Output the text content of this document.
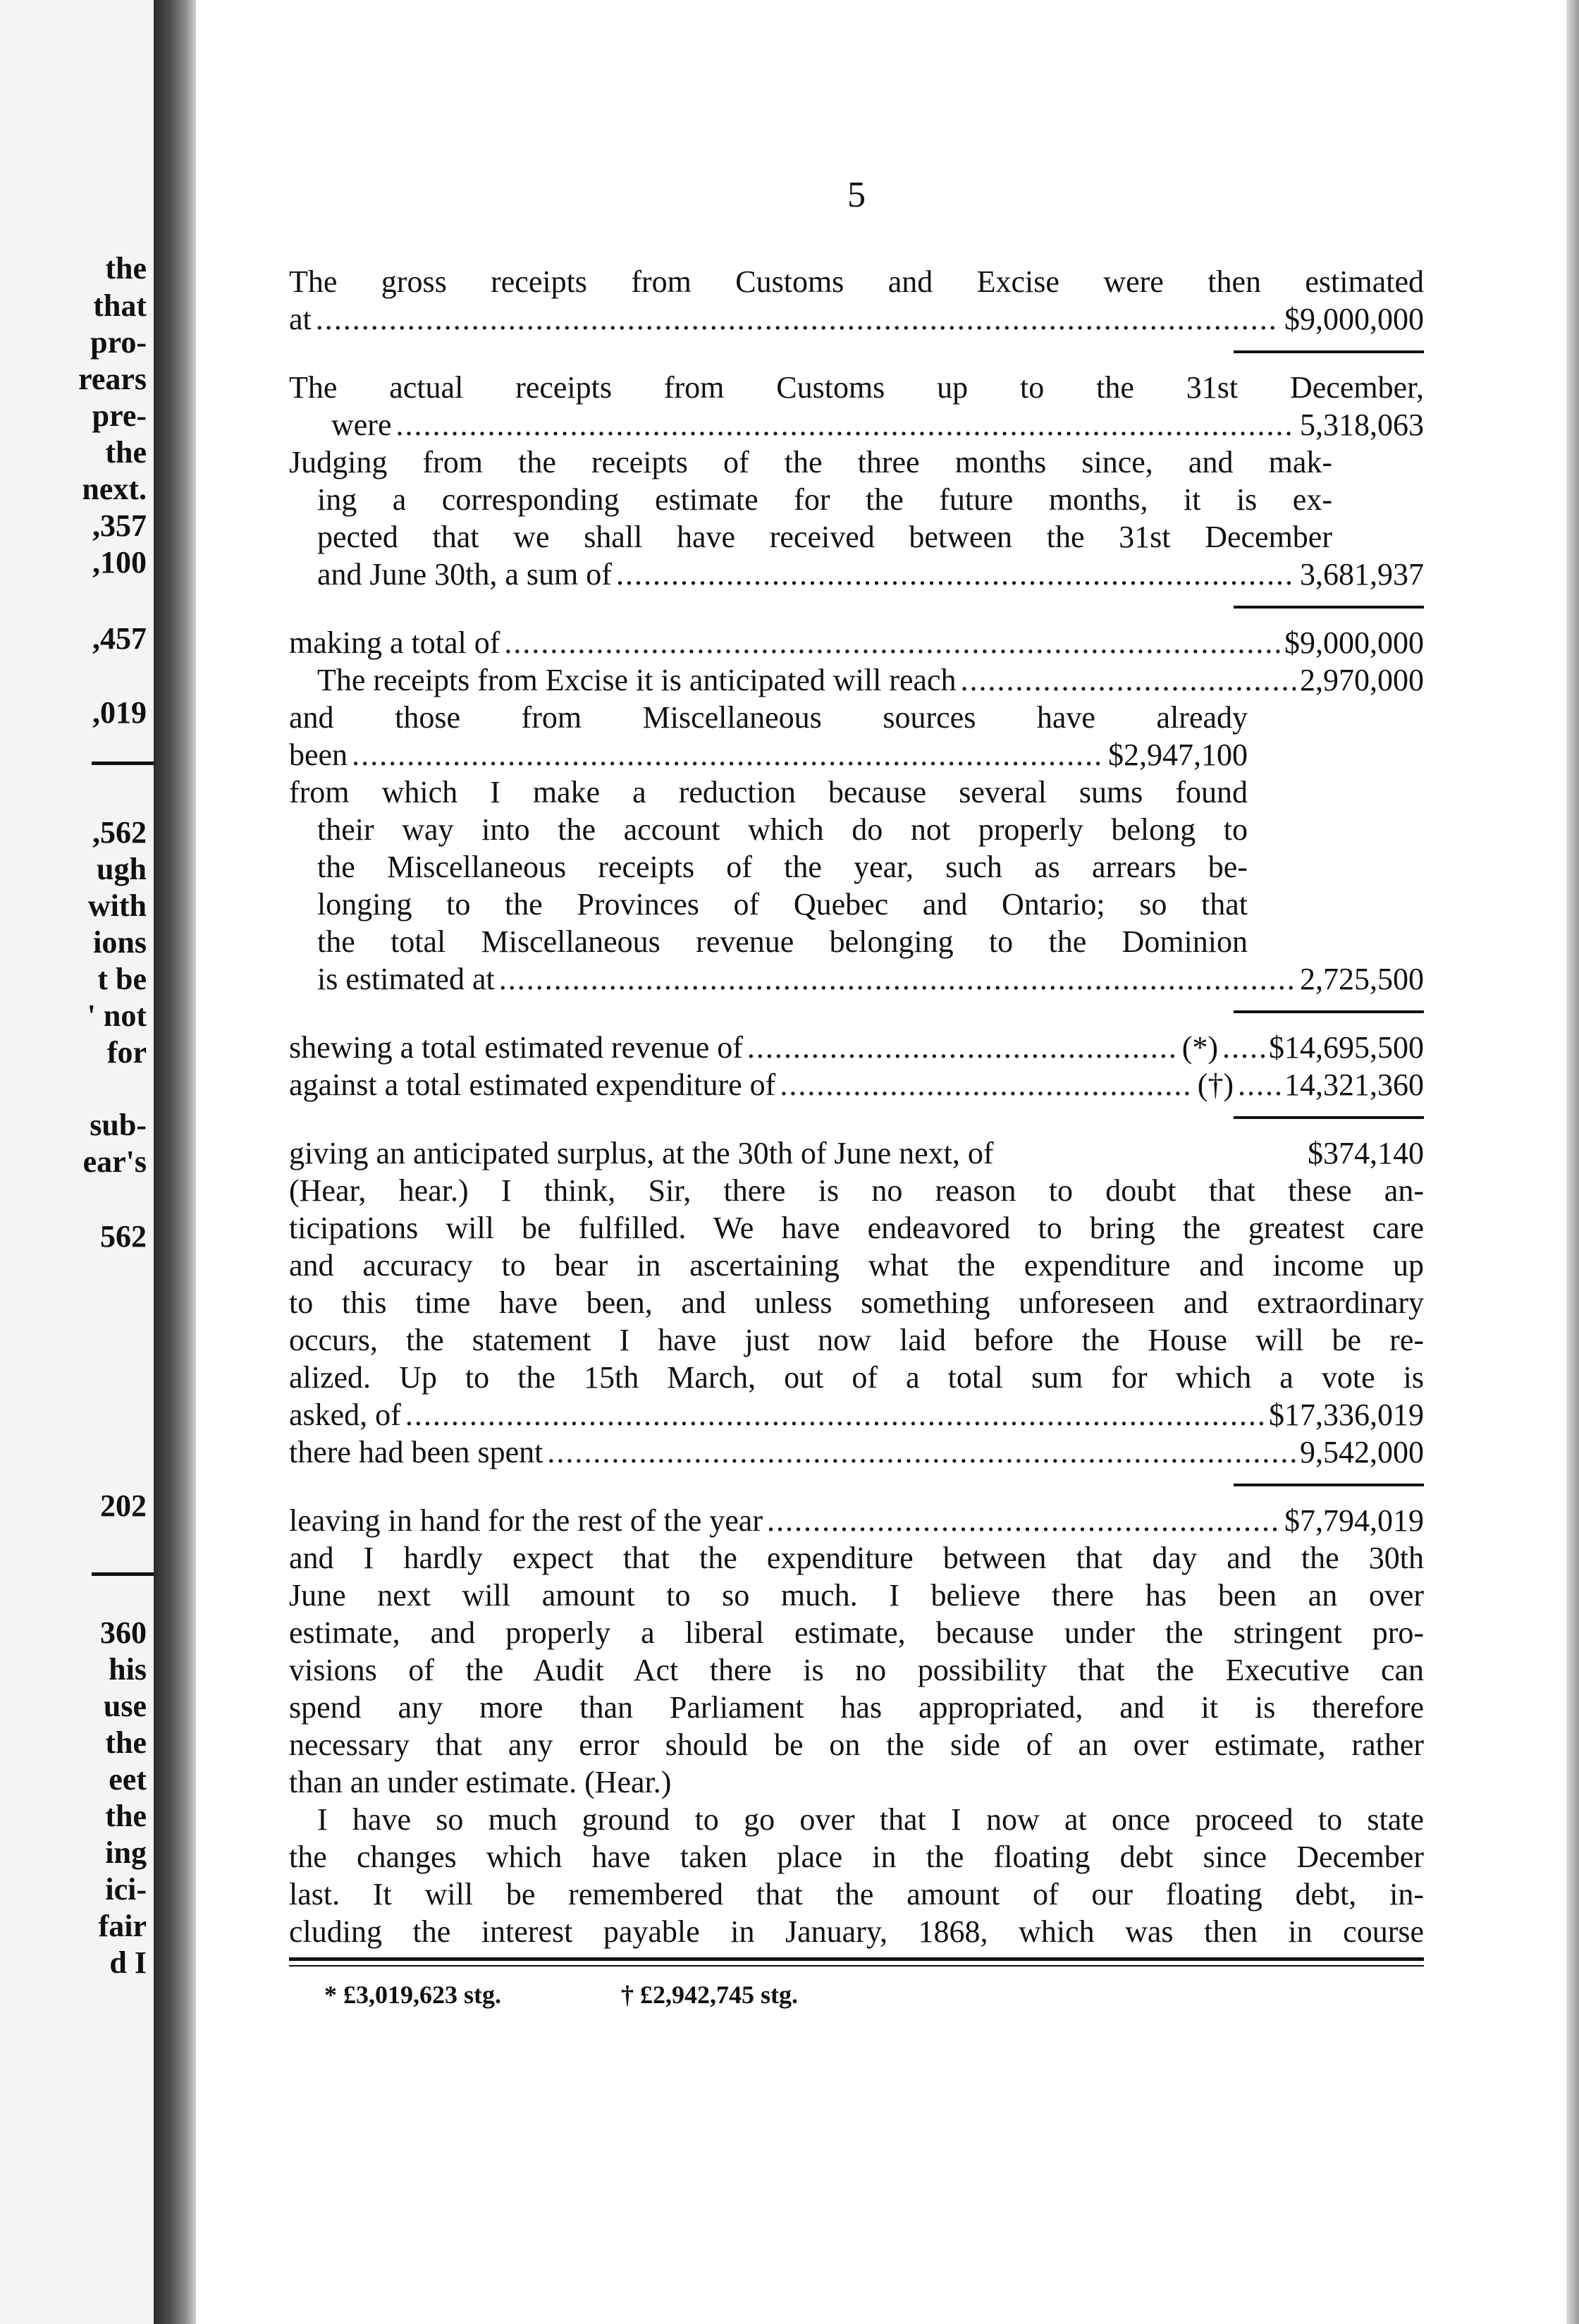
the
that
pro-
rears
pre-
the
next.
,357
,100
,457
,019
,562
ugh
with
ions
t be
' not
for
sub-
ear's
562
202
360
his
use
the
eet
the
ing
ici-
fair
d I
5
The gross receipts from Customs and Excise were then estimated
at .....	$9,000,000
The actual receipts from Customs up to the 31st December,
were .....	5,318,063
Judging from the receipts of the three months since, and mak-
ing a corresponding estimate for the future months, it is ex-
pected that we shall have received between the 31st December
and June 30th, a sum of .....	3,681,937
making a total of .....	$9,000,000
The receipts from Excise it is anticipated will reach .....	2,970,000
and those from Miscellaneous sources have already
been .....	$2,947,100
from which I make a reduction because several sums found
their way into the account which do not properly belong to
the Miscellaneous receipts of the year, such as arrears be-
longing to the Provinces of Quebec and Ontario; so that
the total Miscellaneous revenue belonging to the Dominion
is estimated at .....	2,725,500
shewing a total estimated revenue of .....	(*) ..... $14,695,500
against a total estimated expenditure of .....	(†) ..... 14,321,360
giving an anticipated surplus, at the 30th of June next, of	$374,140
(Hear, hear.) I think, Sir, there is no reason to doubt that these an-
ticipations will be fulfilled. We have endeavored to bring the greatest care
and accuracy to bear in ascertaining what the expenditure and income up
to this time have been, and unless something unforeseen and extraordinary
occurs, the statement I have just now laid before the House will be re-
alized. Up to the 15th March, out of a total sum for which a vote is
asked, of .....	$17,336,019
there had been spent .....	9,542,000
leaving in hand for the rest of the year .....	$7,794,019
and I hardly expect that the expenditure between that day and the 30th
June next will amount to so much. I believe there has been an over
estimate, and properly a liberal estimate, because under the stringent pro-
visions of the Audit Act there is no possibility that the Executive can
spend any more than Parliament has appropriated, and it is therefore
necessary that any error should be on the side of an over estimate, rather
than an under estimate. (Hear.)
I have so much ground to go over that I now at once proceed to state
the changes which have taken place in the floating debt since December
last. It will be remembered that the amount of our floating debt, in-
cluding the interest payable in January, 1868, which was then in course
* £3,019,623 stg.	† £2,942,745 stg.
